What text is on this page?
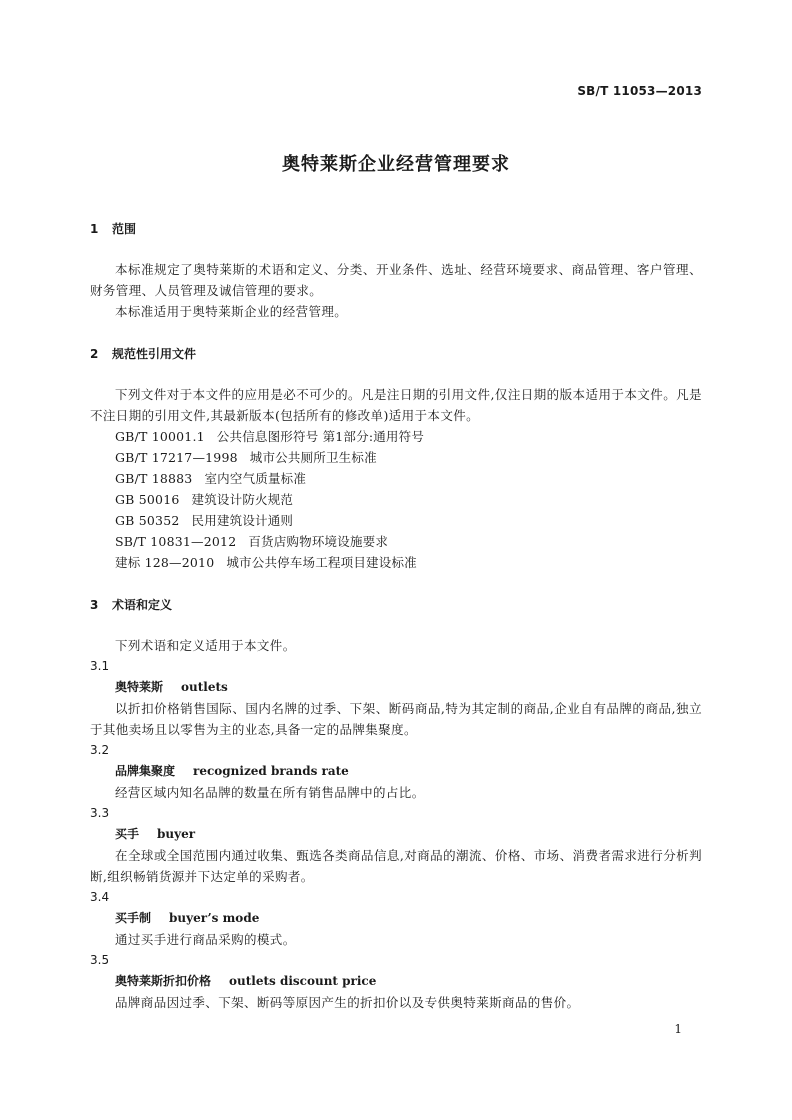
SB/T 11053—2013
奥特莱斯企业经营管理要求

1 范围

本标准规定了奥特莱斯的术语和定义、分类、开业条件、选址、经营环境要求、商品管理、客户管理、财务管理、人员管理及诚信管理的要求。

本标准适用于奥特莱斯企业的经营管理。

2 规范性引用文件

下列文件对于本文件的应用是必不可少的。凡是注日期的引用文件,仅注日期的版本适用于本文件。凡是不注日期的引用文件,其最新版本(包括所有的修改单)适用于本文件。

GB/T 10001.1 公共信息图形符号 第1部分:通用符号

GB/T 17217—1998 城市公共厕所卫生标准

GB/T 18883 室内空气质量标准

GB 50016 建筑设计防火规范

GB 50352 民用建筑设计通则

SB/T 10831—2012 百货店购物环境设施要求

建标 128—2010 城市公共停车场工程项目建设标准

3 术语和定义

下列术语和定义适用于本文件。

3.1

奥特莱斯 outlets

以折扣价格销售国际、国内名牌的过季、下架、断码商品,特为其定制的商品,企业自有品牌的商品,独立于其他卖场且以零售为主的业态,具备一定的品牌集聚度。

3.2

品牌集聚度 recognized brands rate

经营区域内知名品牌的数量在所有销售品牌中的占比。

3.3

买手 buyer

在全球或全国范围内通过收集、甄选各类商品信息,对商品的潮流、价格、市场、消费者需求进行分析判断,组织畅销货源并下达定单的采购者。

3.4

买手制 buyer’s mode

通过买手进行商品采购的模式。

3.5

奥特莱斯折扣价格 outlets discount price

品牌商品因过季、下架、断码等原因产生的折扣价以及专供奥特莱斯商品的售价。

1
